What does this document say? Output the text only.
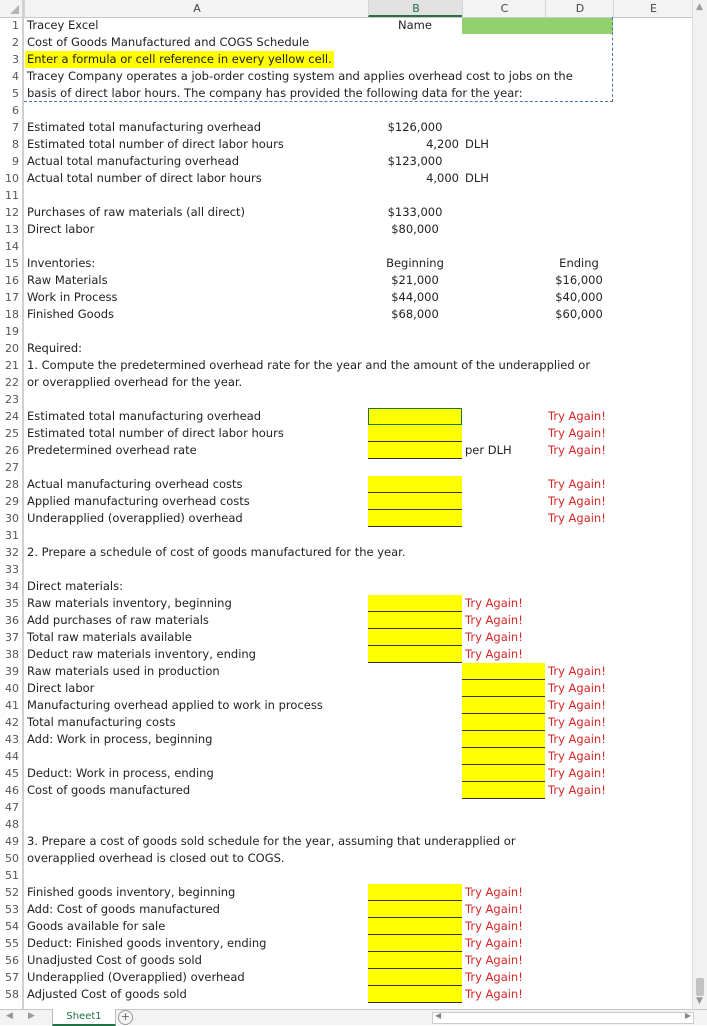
A	B	C	D	E
1 Tracey Excel	Name
2 Cost of Goods Manufactured and COGS Schedule
3 Enter a formula or cell reference in every yellow cell.
4 Tracey Company operates a job-order costing system and applies overhead cost to jobs on the
5 basis of direct labor hours. The company has provided the following data for the year:
6
7 Estimated total manufacturing overhead	$126,000
8 Estimated total number of direct labor hours	4,200 DLH
9 Actual total manufacturing overhead	$123,000
10 Actual total number of direct labor hours	4,000 DLH
11
12 Purchases of raw materials (all direct)	$133,000
13 Direct labor	$80,000
14
15 Inventories:	Beginning	Ending
16 Raw Materials	$21,000	$16,000
17 Work in Process	$44,000	$40,000
18 Finished Goods	$68,000	$60,000
19
20 Required:
21 1. Compute the predetermined overhead rate for the year and the amount of the underapplied or
22 or overapplied overhead for the year.
23
24 Estimated total manufacturing overhead	Try Again!
25 Estimated total number of direct labor hours	Try Again!
26 Predetermined overhead rate	per DLH	Try Again!
27
28 Actual manufacturing overhead costs	Try Again!
29 Applied manufacturing overhead costs	Try Again!
30 Underapplied (overapplied) overhead	Try Again!
31
32 2. Prepare a schedule of cost of goods manufactured for the year.
33
34 Direct materials:
35 Raw materials inventory, beginning	Try Again!
36 Add purchases of raw materials	Try Again!
37 Total raw materials available	Try Again!
38 Deduct raw materials inventory, ending	Try Again!
39 Raw materials used in production	Try Again!
40 Direct labor	Try Again!
41 Manufacturing overhead applied to work in process	Try Again!
42 Total manufacturing costs	Try Again!
43 Add: Work in process, beginning	Try Again!
44	Try Again!
45 Deduct: Work in process, ending	Try Again!
46 Cost of goods manufactured	Try Again!
47
48
49 3. Prepare a cost of goods sold schedule for the year, assuming that underapplied or
50 overapplied overhead is closed out to COGS.
51
52 Finished goods inventory, beginning	Try Again!
53 Add: Cost of goods manufactured	Try Again!
54 Goods available for sale	Try Again!
55 Deduct: Finished goods inventory, ending	Try Again!
56 Unadjusted Cost of goods sold	Try Again!
57 Underapplied (Overapplied) overhead	Try Again!
58 Adjusted Cost of goods sold	Try Again!
▲
▼
◀ ▶	Sheet1	+	◀	▶
